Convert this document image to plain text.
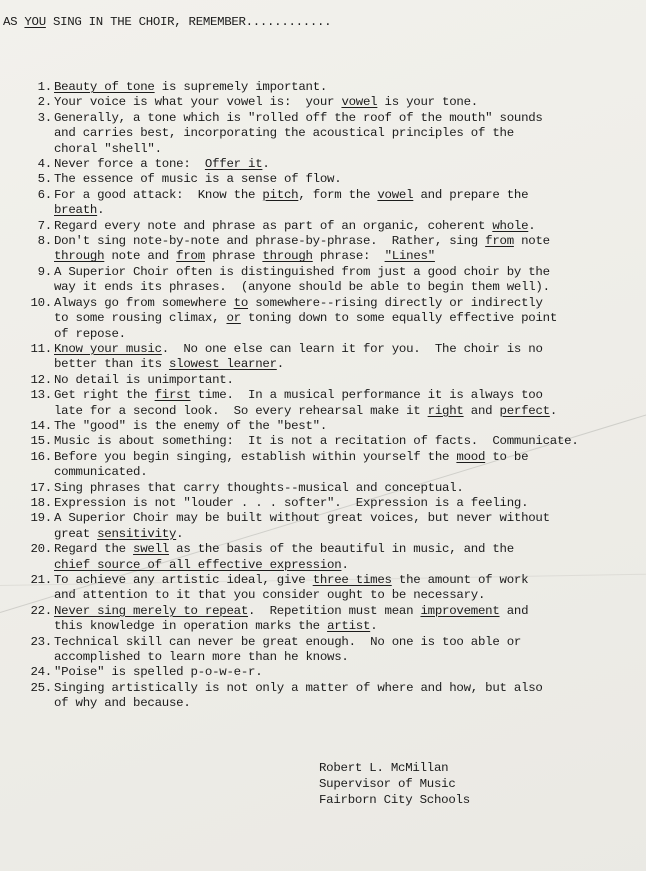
AS YOU SING IN THE CHOIR, REMEMBER............
1. Beauty of tone is supremely important.
2. Your voice is what your vowel is:  your vowel is your tone.
3. Generally, a tone which is "rolled off the roof of the mouth" sounds
and carries best, incorporating the acoustical principles of the
choral "shell".
4. Never force a tone:  Offer it.
5. The essence of music is a sense of flow.
6. For a good attack:  Know the pitch, form the vowel and prepare the
breath.
7. Regard every note and phrase as part of an organic, coherent whole.
8. Don't sing note-by-note and phrase-by-phrase.  Rather, sing from note
through note and from phrase through phrase:  "Lines"
9. A Superior Choir often is distinguished from just a good choir by the
way it ends its phrases.  (anyone should be able to begin them well).
10. Always go from somewhere to somewhere--rising directly or indirectly
to some rousing climax, or toning down to some equally effective point
of repose.
11. Know your music.  No one else can learn it for you.  The choir is no
better than its slowest learner.
12. No detail is unimportant.
13. Get right the first time.  In a musical performance it is always too
late for a second look.  So every rehearsal make it right and perfect.
14. The "good" is the enemy of the "best".
15. Music is about something:  It is not a recitation of facts.  Communicate.
16. Before you begin singing, establish within yourself the mood to be
communicated.
17. Sing phrases that carry thoughts--musical and conceptual.
18. Expression is not "louder . . . softer".  Expression is a feeling.
19. A Superior Choir may be built without great voices, but never without
great sensitivity.
20. Regard the swell as the basis of the beautiful in music, and the
chief source of all effective expression.
21. To achieve any artistic ideal, give three times the amount of work
and attention to it that you consider ought to be necessary.
22. Never sing merely to repeat.  Repetition must mean improvement and
this knowledge in operation marks the artist.
23. Technical skill can never be great enough.  No one is too able or
accomplished to learn more than he knows.
24. "Poise" is spelled p-o-w-e-r.
25. Singing artistically is not only a matter of where and how, but also
of why and because.
Robert L. McMillan
Supervisor of Music
Fairborn City Schools
